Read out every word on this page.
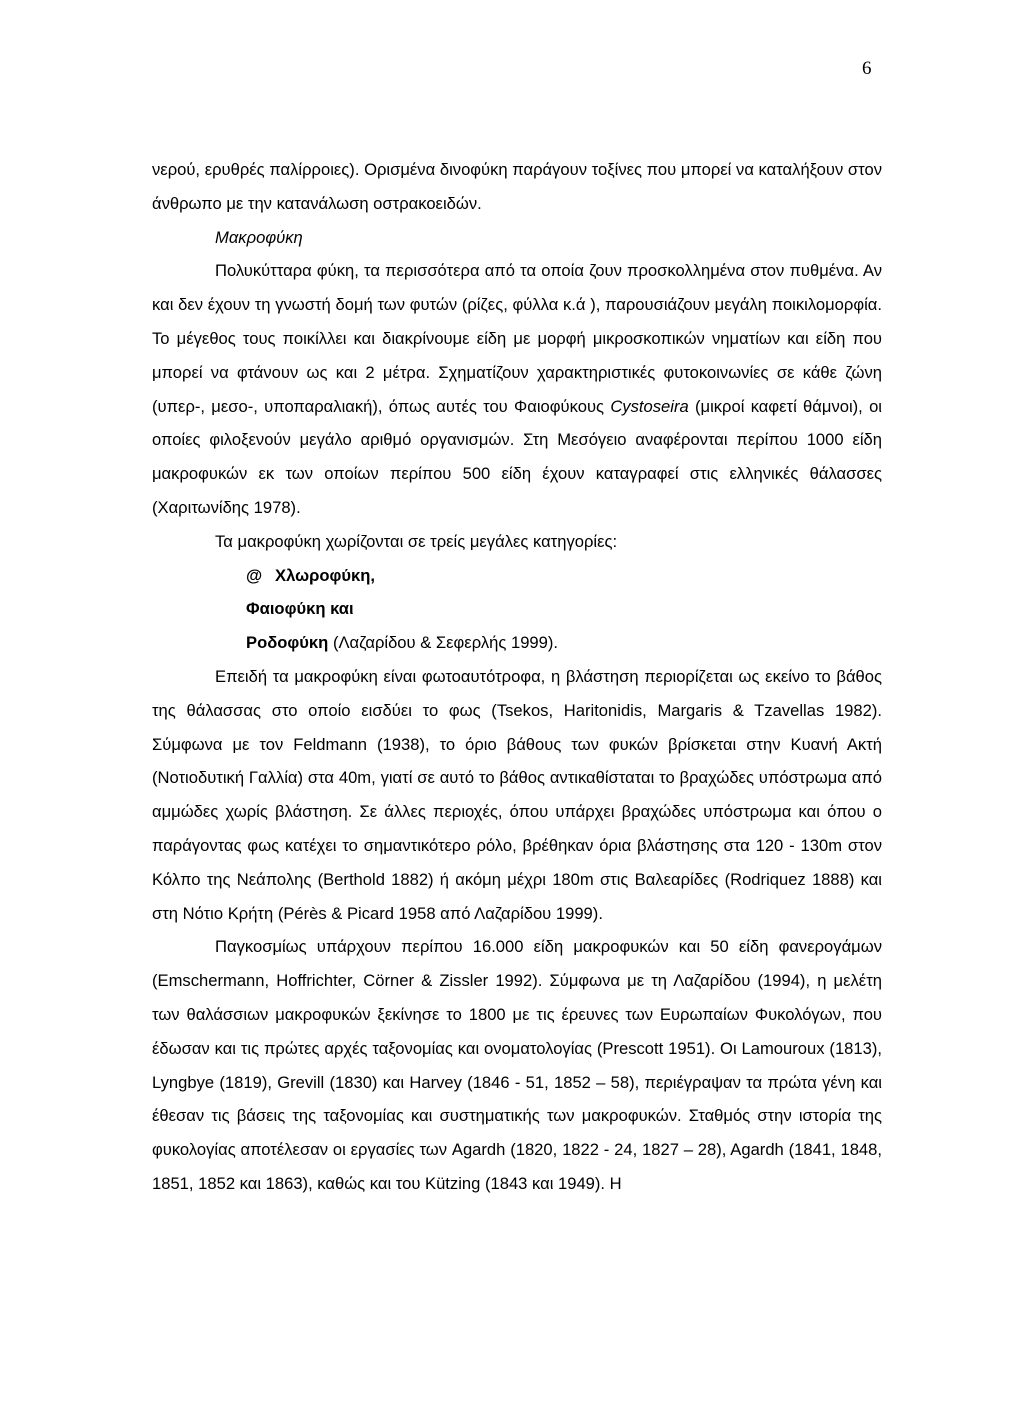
6

νερού, ερυθρές παλίρροιες). Ορισμένα δινοφύκη παράγουν τοξίνες που μπορεί να καταλήξουν στον άνθρωπο με την κατανάλωση οστρακοειδών.

Μακροφύκη

Πολυκύτταρα φύκη, τα περισσότερα από τα οποία ζουν προσκολλημένα στον πυθμένα. Αν και δεν έχουν τη γνωστή δομή των φυτών (ρίζες, φύλλα κ.ά ), παρουσιάζουν μεγάλη ποικιλομορφία. Το μέγεθος τους ποικίλλει και διακρίνουμε είδη με μορφή μικροσκοπικών νηματίων και είδη που μπορεί να φτάνουν ως και 2 μέτρα. Σχηματίζουν χαρακτηριστικές φυτοκοινωνίες σε κάθε ζώνη (υπερ-, μεσο-, υποπαραλιακή), όπως αυτές του Φαιοφύκους Cystoseira (μικροί καφετί θάμνοι), οι οποίες φιλοξενούν μεγάλο αριθμό οργανισμών. Στη Μεσόγειο αναφέρονται περίπου 1000 είδη μακροφυκών εκ των οποίων περίπου 500 είδη έχουν καταγραφεί στις ελληνικές θάλασσες (Χαριτωνίδης 1978).

Τα μακροφύκη χωρίζονται σε τρείς μεγάλες κατηγορίες:

@ Χλωροφύκη,
Φαιοφύκη και
Ροδοφύκη (Λαζαρίδου & Σεφερλής 1999).

Επειδή τα μακροφύκη είναι φωτοαυτότροφα, η βλάστηση περιορίζεται ως εκείνο το βάθος της θάλασσας στο οποίο εισδύει το φως (Tsekos, Haritonidis, Margaris & Tzavellas 1982). Σύμφωνα με τον Feldmann (1938), το όριο βάθους των φυκών βρίσκεται στην Κυανή Ακτή (Νοτιοδυτική Γαλλία) στα 40m, γιατί σε αυτό το βάθος αντικαθίσταται το βραχώδες υπόστρωμα από αμμώδες χωρίς βλάστηση. Σε άλλες περιοχές, όπου υπάρχει βραχώδες υπόστρωμα και όπου ο παράγοντας φως κατέχει το σημαντικότερο ρόλο, βρέθηκαν όρια βλάστησης στα 120 - 130m στον Κόλπο της Νεάπολης (Berthold 1882) ή ακόμη μέχρι 180m στις Βαλεαρίδες (Rodriquez 1888) και στη Νότιο Κρήτη (Pérès & Picard 1958 από Λαζαρίδου 1999).

Παγκοσμίως υπάρχουν περίπου 16.000 είδη μακροφυκών και 50 είδη φανερογάμων (Emschermann, Hoffrichter, Cörner & Zissler 1992). Σύμφωνα με τη Λαζαρίδου (1994), η μελέτη των θαλάσσιων μακροφυκών ξεκίνησε το 1800 με τις έρευνες των Ευρωπαίων Φυκολόγων, που έδωσαν και τις πρώτες αρχές ταξονομίας και ονοματολογίας (Prescott 1951). Οι Lamouroux (1813), Lyngbye (1819), Grevill (1830) και Harvey (1846 - 51, 1852 – 58), περιέγραψαν τα πρώτα γένη και έθεσαν τις βάσεις της ταξονομίας και συστηματικής των μακροφυκών. Σταθμός στην ιστορία της φυκολογίας αποτέλεσαν οι εργασίες των Agardh (1820, 1822 - 24, 1827 – 28), Agardh (1841, 1848, 1851, 1852 και 1863), καθώς και του Kützing (1843 και 1949). Η
